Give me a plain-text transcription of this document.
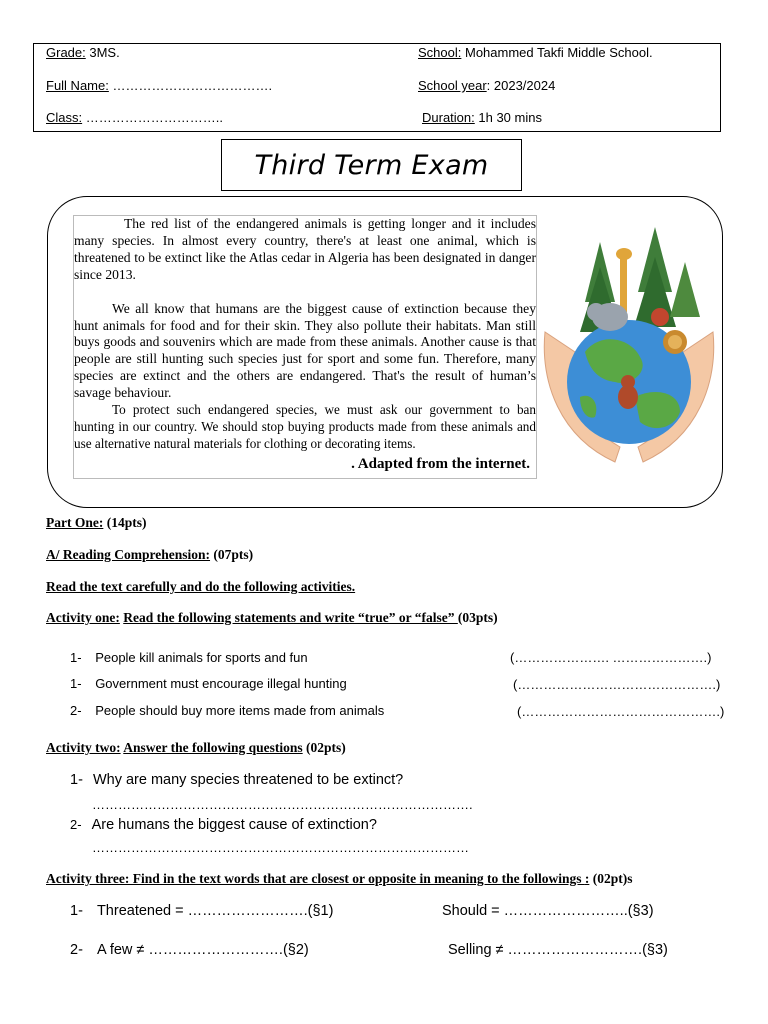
Grade: 3MS.	School: Mohammed Takfi Middle School.
Full Name: ……………………………….	School year: 2023/2024
Class: …………………………..	Duration: 1h 30 mins
Third Term Exam

The red list of the endangered animals is getting longer and it includes many species. In almost every country, there's at least one animal, which is threatened to be extinct like the Atlas cedar in Algeria has been designated in danger since 2013.

We all know that humans are the biggest cause of extinction because they hunt animals for food and for their skin. They also pollute their habitats. Man still buys goods and souvenirs which are made from these animals. Another cause is that people are still hunting such species just for sport and some fun. Therefore, many species are extinct and the others are endangered. That's the result of human’s savage behaviour.

To protect such endangered species, we must ask our government to ban hunting in our country. We should stop buying products made from these animals and use alternative natural materials for clothing or decorating items.

. Adapted from the internet.
Part One: (14pts)
A/ Reading Comprehension: (07pts)
Read the text carefully and do the following activities.
Activity one: Read the following statements and write “true” or “false” (03pts)
1- People kill animals for sports and fun	(…………………. ………………….)
1- Government must encourage illegal hunting	(……………………………………….)
2- People should buy more items made from animals	(……………………………………….)
Activity two: Answer the following questions (02pts)
1- Why are many species threatened to be extinct?
…………………………………………………………………………….
2- Are humans the biggest cause of extinction?
……………………………………………………………………………
Activity three: Find in the text words that are closest or opposite in meaning to the followings : (02pt)s
1- Threatened = …………………….(§1)	Should = ……………………..(§3)
2- A few ≠ ……………………….(§2)	Selling ≠ ……………………….(§3)
